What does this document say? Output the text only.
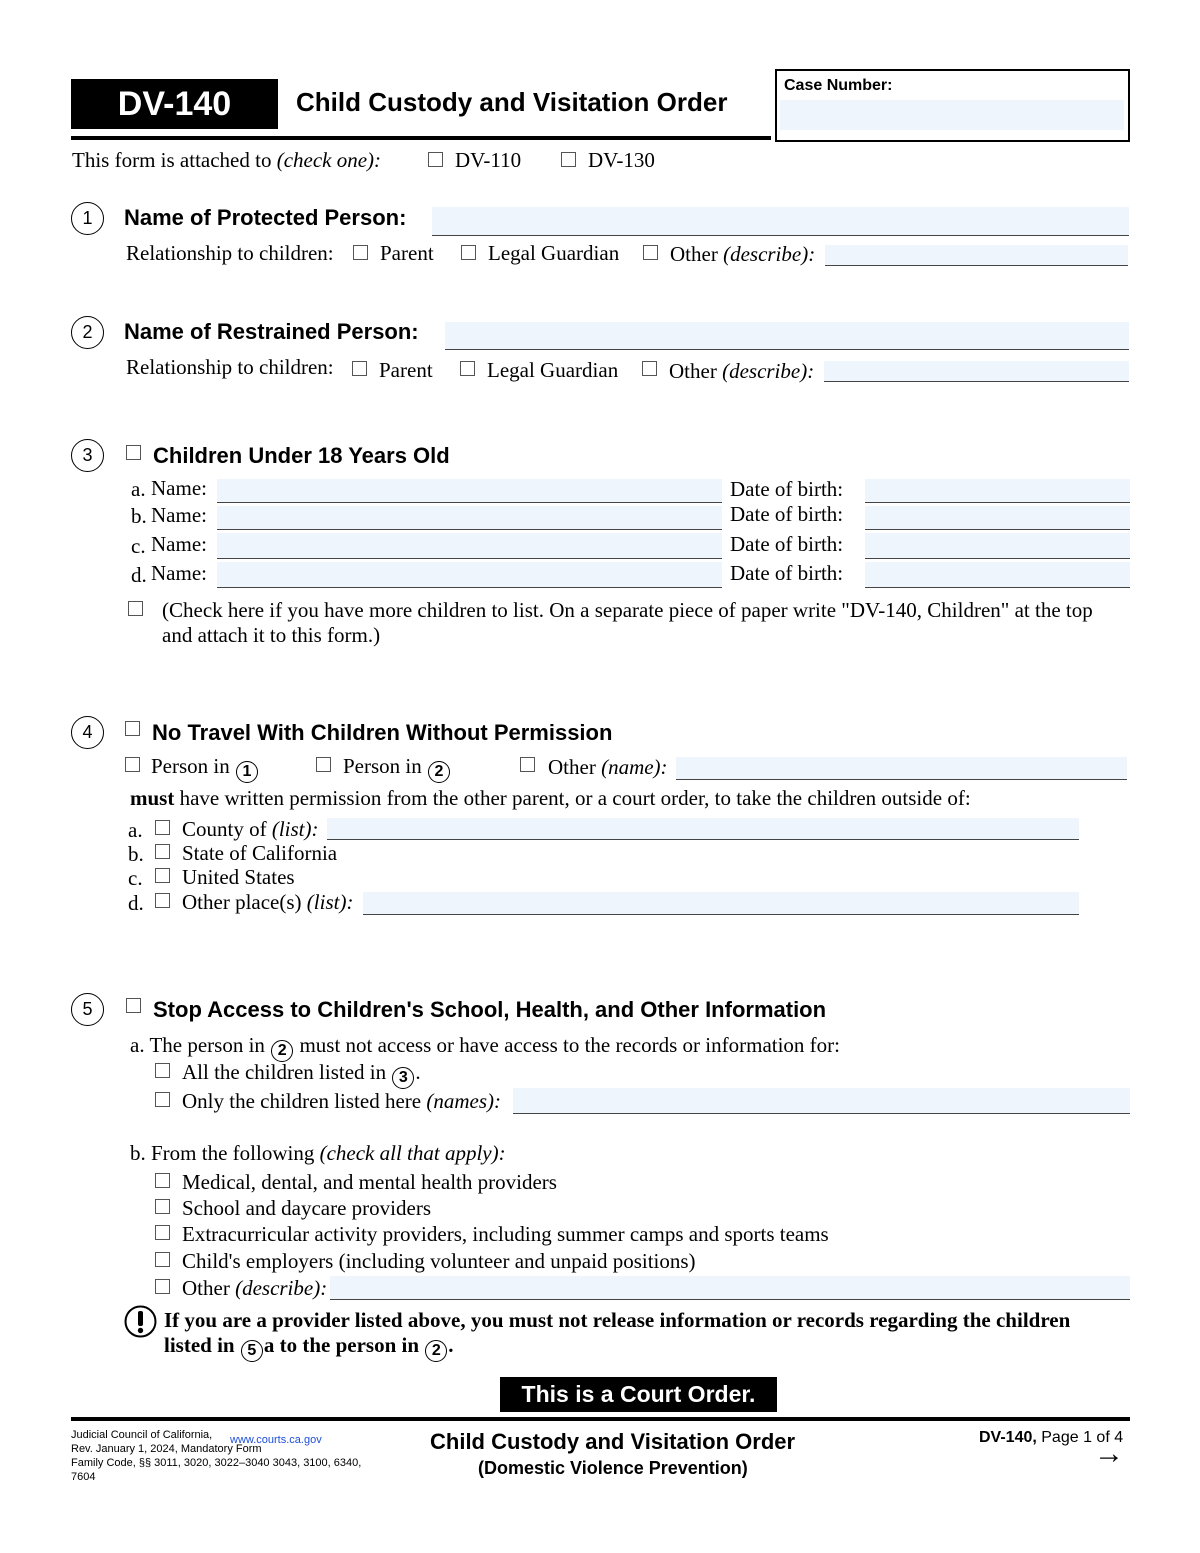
DV-140 Child Custody and Visitation Order
Case Number:
This form is attached to (check one):	DV-110	DV-130
1	Name of Protected Person:
Relationship to children: Parent	Legal Guardian Other (describe):
2	Name of Restrained Person:
Relationship to children: Parent	Legal Guardian Other (describe):
3	Children Under 18 Years Old
a. Name:	Date of birth:
b. Name:	Date of birth:
c. Name:	Date of birth:
d. Name:	Date of birth:
(Check here if you have more children to list. On a separate piece of paper write "DV-140, Children" at the top
and attach it to this form.)
4	No Travel With Children Without Permission
Person in 1	Person in 2	Other (name):
must have written permission from the other parent, or a court order, to take the children outside of:
a. County of (list):
b. State of California
c. United States
d. Other place(s) (list):
5	Stop Access to Children's School, Health, and Other Information
a. The person in 2 must not access or have access to the records or information for:
All the children listed in 3 .
Only the children listed here (names):
b. From the following (check all that apply):
Medical, dental, and mental health providers
School and daycare providers
Extracurricular activity providers, including summer camps and sports teams
Child's employers (including volunteer and unpaid positions)
Other (describe):
If you are a provider listed above, you must not release information or records regarding the children
listed in 5 a to the person in 2 .
This is a Court Order.
Judicial Council of California, www.courts.ca.gov
Rev. January 1, 2024, Mandatory Form
Family Code, §§ 3011, 3020, 3022–3040 3043, 3100, 6340,
7604
Child Custody and Visitation Order
(Domestic Violence Prevention)
DV-140, Page 1 of 4
→
